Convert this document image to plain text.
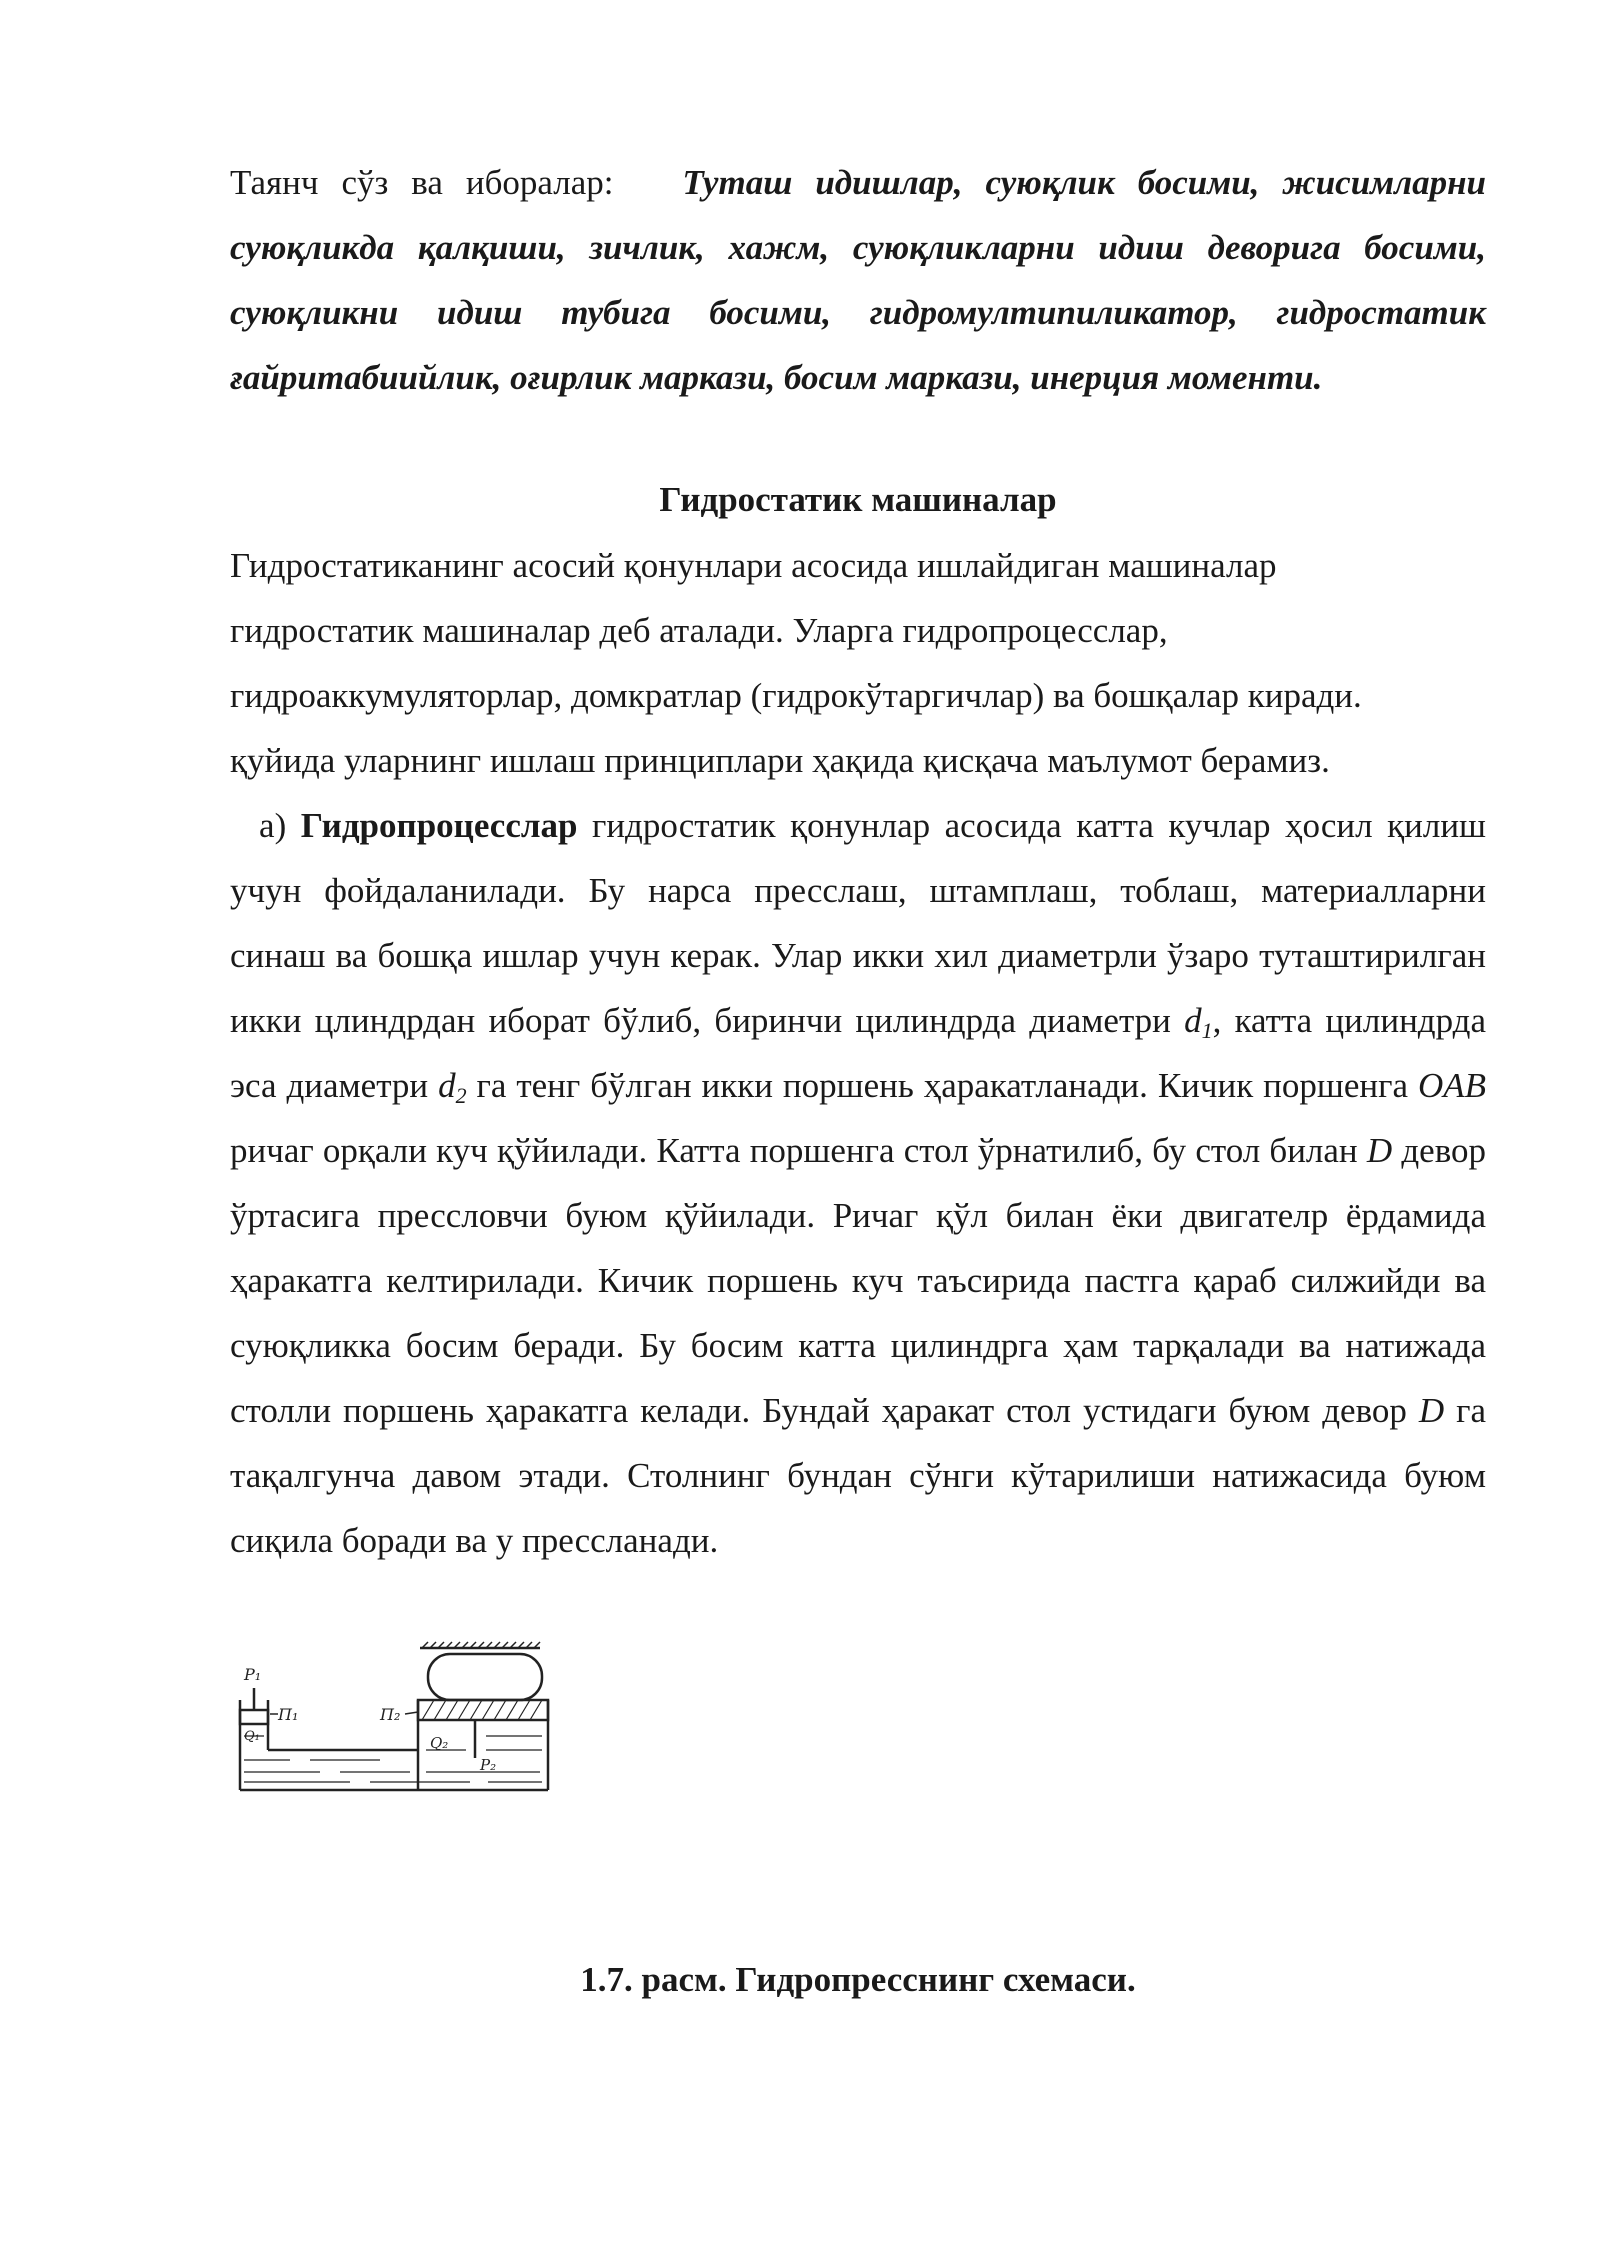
Таянч сўз ва иборалар: Туташ идишлар, суюқлик босими, жисимларни суюқликда қалқиши, зичлик, хажм, суюқликларни идиш деворига босими, суюқликни идиш тубига босими, гидромултипиликатор, гидростатик ғайритабиийлик, оғирлик маркази, босим маркази, инерция моменти.

Гидростатик машиналар

Гидростатиканинг асосий қонунлари асосида ишлайдиган машиналар
гидростатик машиналар деб аталади. Уларга гидропроцесслар,
гидроаккумуляторлар, домкратлар (гидрокўтаргичлар) ва бошқалар киради.
қуйида уларнинг ишлаш принциплари ҳақида қисқача маълумот берамиз.

а) Гидропроцесслар гидростатик қонунлар асосида катта кучлар ҳосил қилиш учун фойдаланилади. Бу нарса пресслаш, штамплаш, тоблаш, материалларни синаш ва бошқа ишлар учун керак. Улар икки хил диаметрли ўзаро туташтирилган икки цлиндрдан иборат бўлиб, биринчи цилиндрда диаметри $d_1$, катта цилиндрда эса диаметри $d_2$ га тенг бўлган икки поршень ҳаракатланади. Кичик поршенга OAB ричаг орқали куч қўйилади. Катта поршенга стол ўрнатилиб, бу стол билан D девор ўртасига прессловчи буюм қўйилади. Ричаг қўл билан ёки двигателр ёрдамида ҳаракатга келтирилади. Кичик поршень куч таъсирида пастга қараб силжийди ва суюқликка босим беради. Бу босим катта цилиндрга ҳам тарқалади ва натижада столли поршень ҳаракатга келади. Бундай ҳаракат стол устидаги буюм девор D га тақалгунча давом этади. Столнинг бундан сўнги кўтарилиши натижасида буюм сиқила боради ва у пресcланади.

P₁
П₁	П₂
Q₁	Q₂
P₂

1.7. расм. Гидропресснинг схемаси.
